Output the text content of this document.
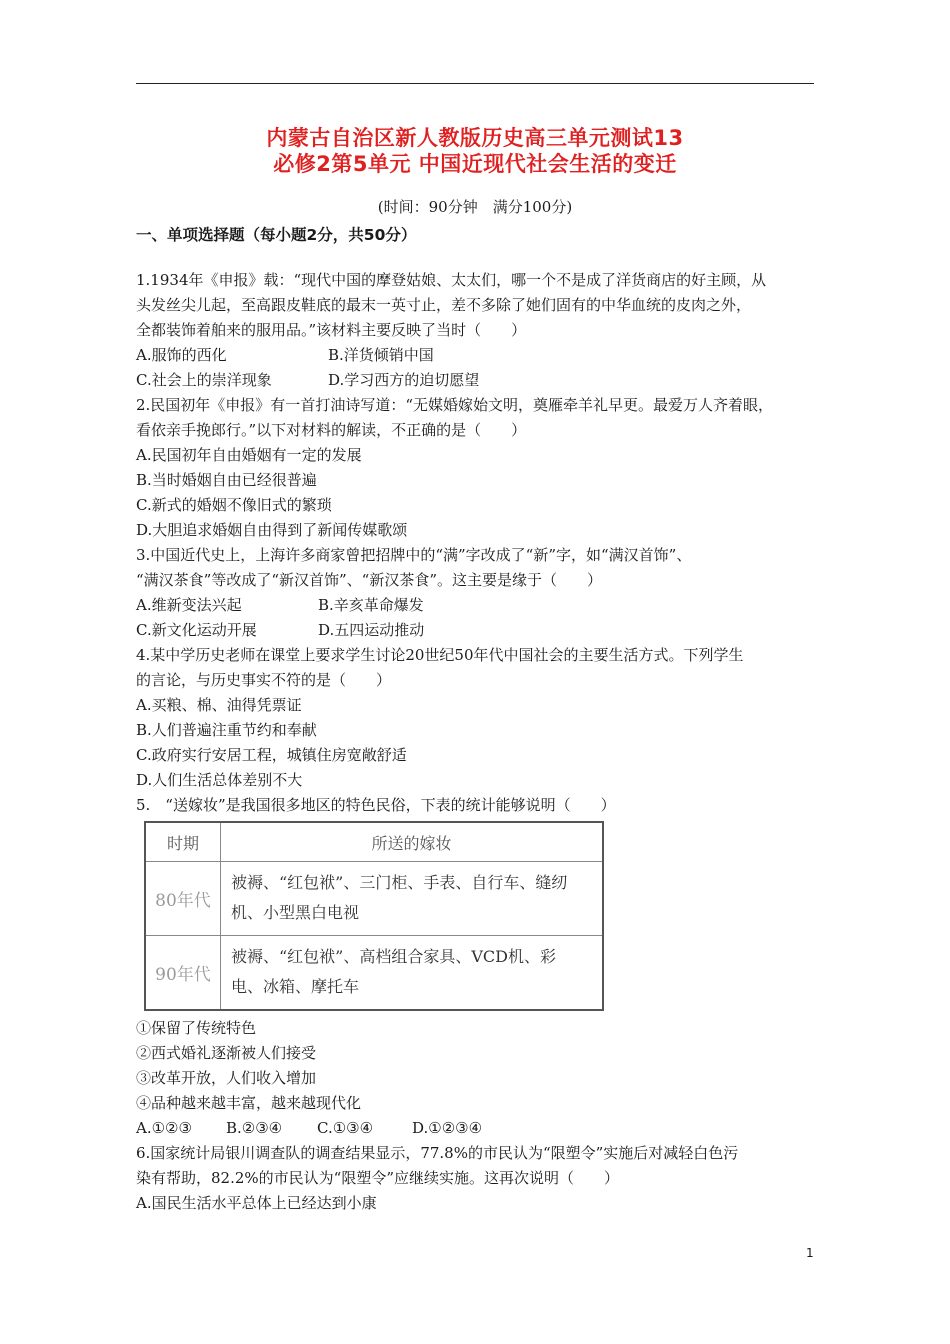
内蒙古自治区新人教版历史高三单元测试13
必修2第5单元 中国近现代社会生活的变迁
(时间：90分钟　满分100分)
一、单项选择题（每小题2分，共50分）
1.1934年《申报》载：“现代中国的摩登姑娘、太太们，哪一个不是成了洋货商店的好主顾，从
头发丝尖儿起，至高跟皮鞋底的最末一英寸止，差不多除了她们固有的中华血统的皮肉之外，
全都装饰着舶来的服用品。”该材料主要反映了当时（　　）
A.服饰的西化	B.洋货倾销中国
C.社会上的崇洋现象	D.学习西方的迫切愿望
2.民国初年《申报》有一首打油诗写道：“无媒婚嫁始文明，奠雁牵羊礼早更。最爱万人齐着眼，
看依亲手挽郎行。”以下对材料的解读，不正确的是（　　）
A.民国初年自由婚姻有一定的发展
B.当时婚姻自由已经很普遍
C.新式的婚姻不像旧式的繁琐
D.大胆追求婚姻自由得到了新闻传媒歌颂
3.中国近代史上，上海许多商家曾把招牌中的“满”字改成了“新”字，如“满汉首饰”、
“满汉茶食”等改成了“新汉首饰”、“新汉茶食”。这主要是缘于（　　）
A.维新变法兴起	B.辛亥革命爆发
C.新文化运动开展	D.五四运动推动
4.某中学历史老师在课堂上要求学生讨论20世纪50年代中国社会的主要生活方式。下列学生
的言论，与历史事实不符的是（　　）
A.买粮、棉、油得凭票证
B.人们普遍注重节约和奉献
C.政府实行安居工程，城镇住房宽敞舒适
D.人们生活总体差别不大
5.　“送嫁妆”是我国很多地区的特色民俗，下表的统计能够说明（　　）
时期	所送的嫁妆
80年代	被褥、“红包袱”、三门柜、手表、自行车、缝纫
机、小型黑白电视

90年代	被褥、“红包袱”、高档组合家具、VCD机、彩
电、冰箱、摩托车
①保留了传统特色
②西式婚礼逐渐被人们接受
③改革开放，人们收入增加
④品种越来越丰富，越来越现代化
A.①②③ B.②③④ C.①③④	D.①②③④
6.国家统计局银川调查队的调查结果显示，77.8%的市民认为“限塑令”实施后对减轻白色污
染有帮助，82.2%的市民认为“限塑令”应继续实施。这再次说明（　　）
A.国民生活水平总体上已经达到小康
1
